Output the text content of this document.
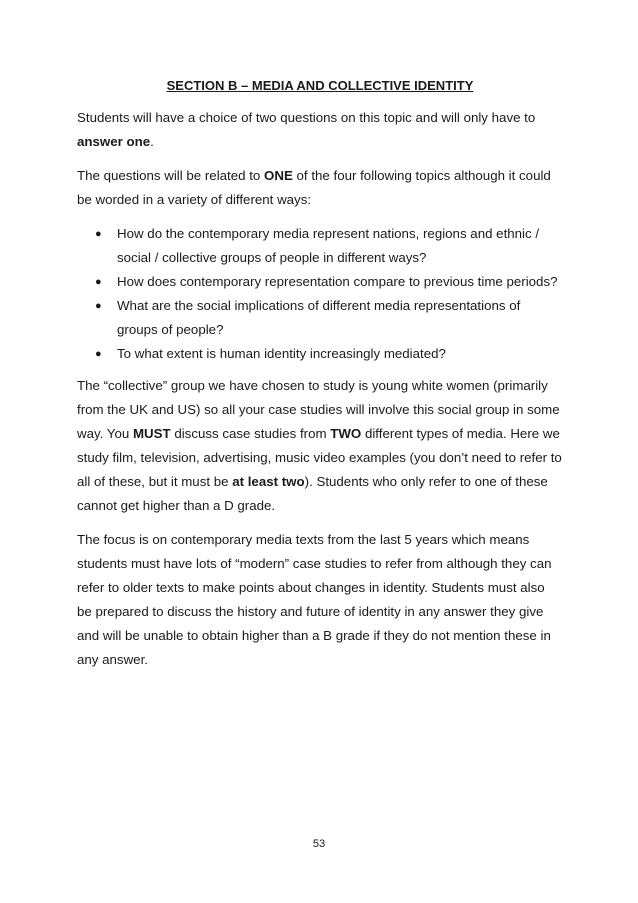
SECTION B – MEDIA AND COLLECTIVE IDENTITY

Students will have a choice of two questions on this topic and will only have to answer one.

The questions will be related to ONE of the four following topics although it could be worded in a variety of different ways:

● How do the contemporary media represent nations, regions and ethnic / social / collective groups of people in different ways?
● How does contemporary representation compare to previous time periods?
● What are the social implications of different media representations of groups of people?
● To what extent is human identity increasingly mediated?

The “collective” group we have chosen to study is young white women (primarily from the UK and US) so all your case studies will involve this social group in some way. You MUST discuss case studies from TWO different types of media. Here we study film, television, advertising, music video examples (you don’t need to refer to all of these, but it must be at least two). Students who only refer to one of these cannot get higher than a D grade.

The focus is on contemporary media texts from the last 5 years which means students must have lots of “modern” case studies to refer from although they can refer to older texts to make points about changes in identity. Students must also be prepared to discuss the history and future of identity in any answer they give and will be unable to obtain higher than a B grade if they do not mention these in any answer.

53
